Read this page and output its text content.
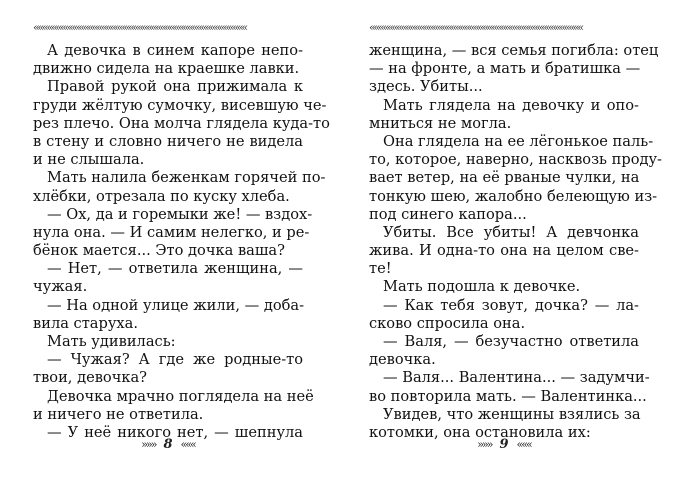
«««««««««««««««««««««««««««««««««««««««««««««««
А девочка в синем капоре непо-
движно сидела на краешке лавки.
Правой рукой она прижимала к
груди жёлтую сумочку, висевшую че-
рез плечо. Она молча глядела куда-то
в стену и словно ничего не видела
и не слышала.
Мать налила беженкам горячей по-
хлёбки, отрезала по куску хлеба.
— Ох, да и горемыки же! — вздох-
нула она. — И самим нелегко, и ре-
бёнок мается... Это дочка ваша?
— Нет, — ответила женщина, —
чужая.
— На одной улице жили, — доба-
вила старуха.
Мать удивилась:
— Чужая? А где же родные-то
твои, девочка?
Девочка мрачно поглядела на неё
и ничего не ответила.
— У неё никого нет, — шепнула
»»» 8 «««
«««««««««««««««««««««««««««««««««««««««««««««««
женщина, — вся семья погибла: отец
— на фронте, а мать и братишка —
здесь. Убиты...
Мать глядела на девочку и опо-
мниться не могла.
Она глядела на ее лёгонькое паль-
то, которое, наверно, насквозь проду-
вает ветер, на её рваные чулки, на
тонкую шею, жалобно белеющую из-
под синего капора...
Убиты. Все убиты! А девчонка
жива. И одна-то она на целом све-
те!
Мать подошла к девочке.
— Как тебя зовут, дочка? — ла-
сково спросила она.
— Валя, — безучастно ответила
девочка.
— Валя... Валентина... — задумчи-
во повторила мать. — Валентинка...
Увидев, что женщины взялись за
котомки, она остановила их:
»»» 9 «««
